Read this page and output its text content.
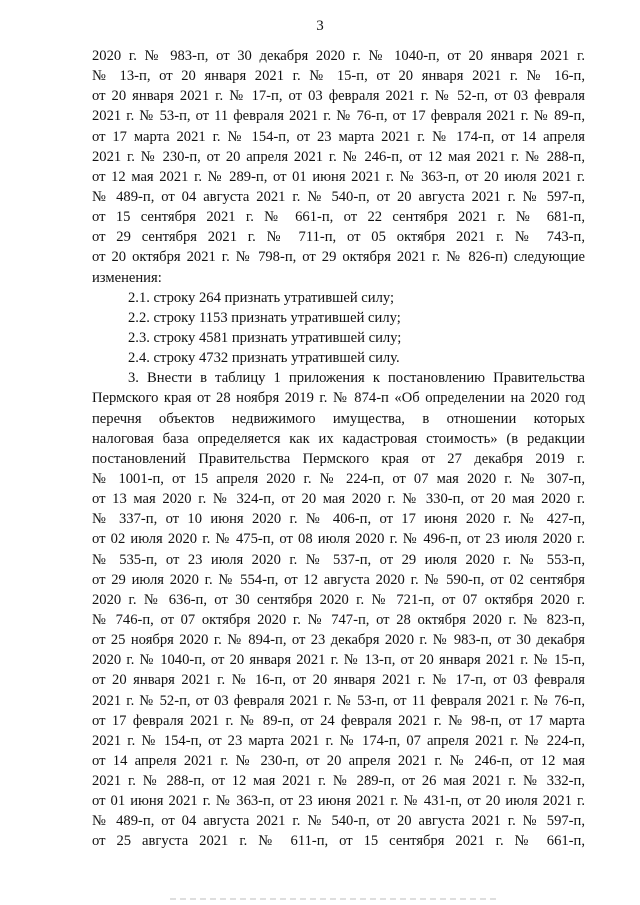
3
2020 г. № 983-п, от 30 декабря 2020 г. № 1040-п, от 20 января 2021 г.
№ 13-п, от 20 января 2021 г. № 15-п, от 20 января 2021 г. № 16-п,
от 20 января 2021 г. № 17-п, от 03 февраля 2021 г. № 52-п, от 03 февраля
2021 г. № 53-п, от 11 февраля 2021 г. № 76-п, от 17 февраля 2021 г. № 89-п,
от 17 марта 2021 г. № 154-п, от 23 марта 2021 г. № 174-п, от 14 апреля
2021 г. № 230-п, от 20 апреля 2021 г. № 246-п, от 12 мая 2021 г. № 288-п,
от 12 мая 2021 г. № 289-п, от 01 июня 2021 г. № 363-п, от 20 июля 2021 г.
№ 489-п, от 04 августа 2021 г. № 540-п, от 20 августа 2021 г. № 597-п,
от 15 сентября 2021 г. № 661-п, от 22 сентября 2021 г. № 681-п,
от 29 сентября 2021 г. № 711-п, от 05 октября 2021 г. № 743-п,
от 20 октября 2021 г. № 798-п, от 29 октября 2021 г. № 826-п) следующие
изменения:
2.1. строку 264 признать утратившей силу;
2.2. строку 1153 признать утратившей силу;
2.3. строку 4581 признать утратившей силу;
2.4. строку 4732 признать утратившей силу.
3. Внести в таблицу 1 приложения к постановлению Правительства
Пермского края от 28 ноября 2019 г. № 874-п «Об определении на 2020 год
перечня объектов недвижимого имущества, в отношении которых
налоговая база определяется как их кадастровая стоимость» (в редакции
постановлений Правительства Пермского края от 27 декабря 2019 г.
№ 1001-п, от 15 апреля 2020 г. № 224-п, от 07 мая 2020 г. № 307-п,
от 13 мая 2020 г. № 324-п, от 20 мая 2020 г. № 330-п, от 20 мая 2020 г.
№ 337-п, от 10 июня 2020 г. № 406-п, от 17 июня 2020 г. № 427-п,
от 02 июля 2020 г. № 475-п, от 08 июля 2020 г. № 496-п, от 23 июля 2020 г.
№ 535-п, от 23 июля 2020 г. № 537-п, от 29 июля 2020 г. № 553-п,
от 29 июля 2020 г. № 554-п, от 12 августа 2020 г. № 590-п, от 02 сентября
2020 г. № 636-п, от 30 сентября 2020 г. № 721-п, от 07 октября 2020 г.
№ 746-п, от 07 октября 2020 г. № 747-п, от 28 октября 2020 г. № 823-п,
от 25 ноября 2020 г. № 894-п, от 23 декабря 2020 г. № 983-п, от 30 декабря
2020 г. № 1040-п, от 20 января 2021 г. № 13-п, от 20 января 2021 г. № 15-п,
от 20 января 2021 г. № 16-п, от 20 января 2021 г. № 17-п, от 03 февраля
2021 г. № 52-п, от 03 февраля 2021 г. № 53-п, от 11 февраля 2021 г. № 76-п,
от 17 февраля 2021 г. № 89-п, от 24 февраля 2021 г. № 98-п, от 17 марта
2021 г. № 154-п, от 23 марта 2021 г. № 174-п, 07 апреля 2021 г. № 224-п,
от 14 апреля 2021 г. № 230-п, от 20 апреля 2021 г. № 246-п, от 12 мая
2021 г. № 288-п, от 12 мая 2021 г. № 289-п, от 26 мая 2021 г. № 332-п,
от 01 июня 2021 г. № 363-п, от 23 июня 2021 г. № 431-п, от 20 июля 2021 г.
№ 489-п, от 04 августа 2021 г. № 540-п, от 20 августа 2021 г. № 597-п,
от 25 августа 2021 г. № 611-п, от 15 сентября 2021 г. № 661-п,
